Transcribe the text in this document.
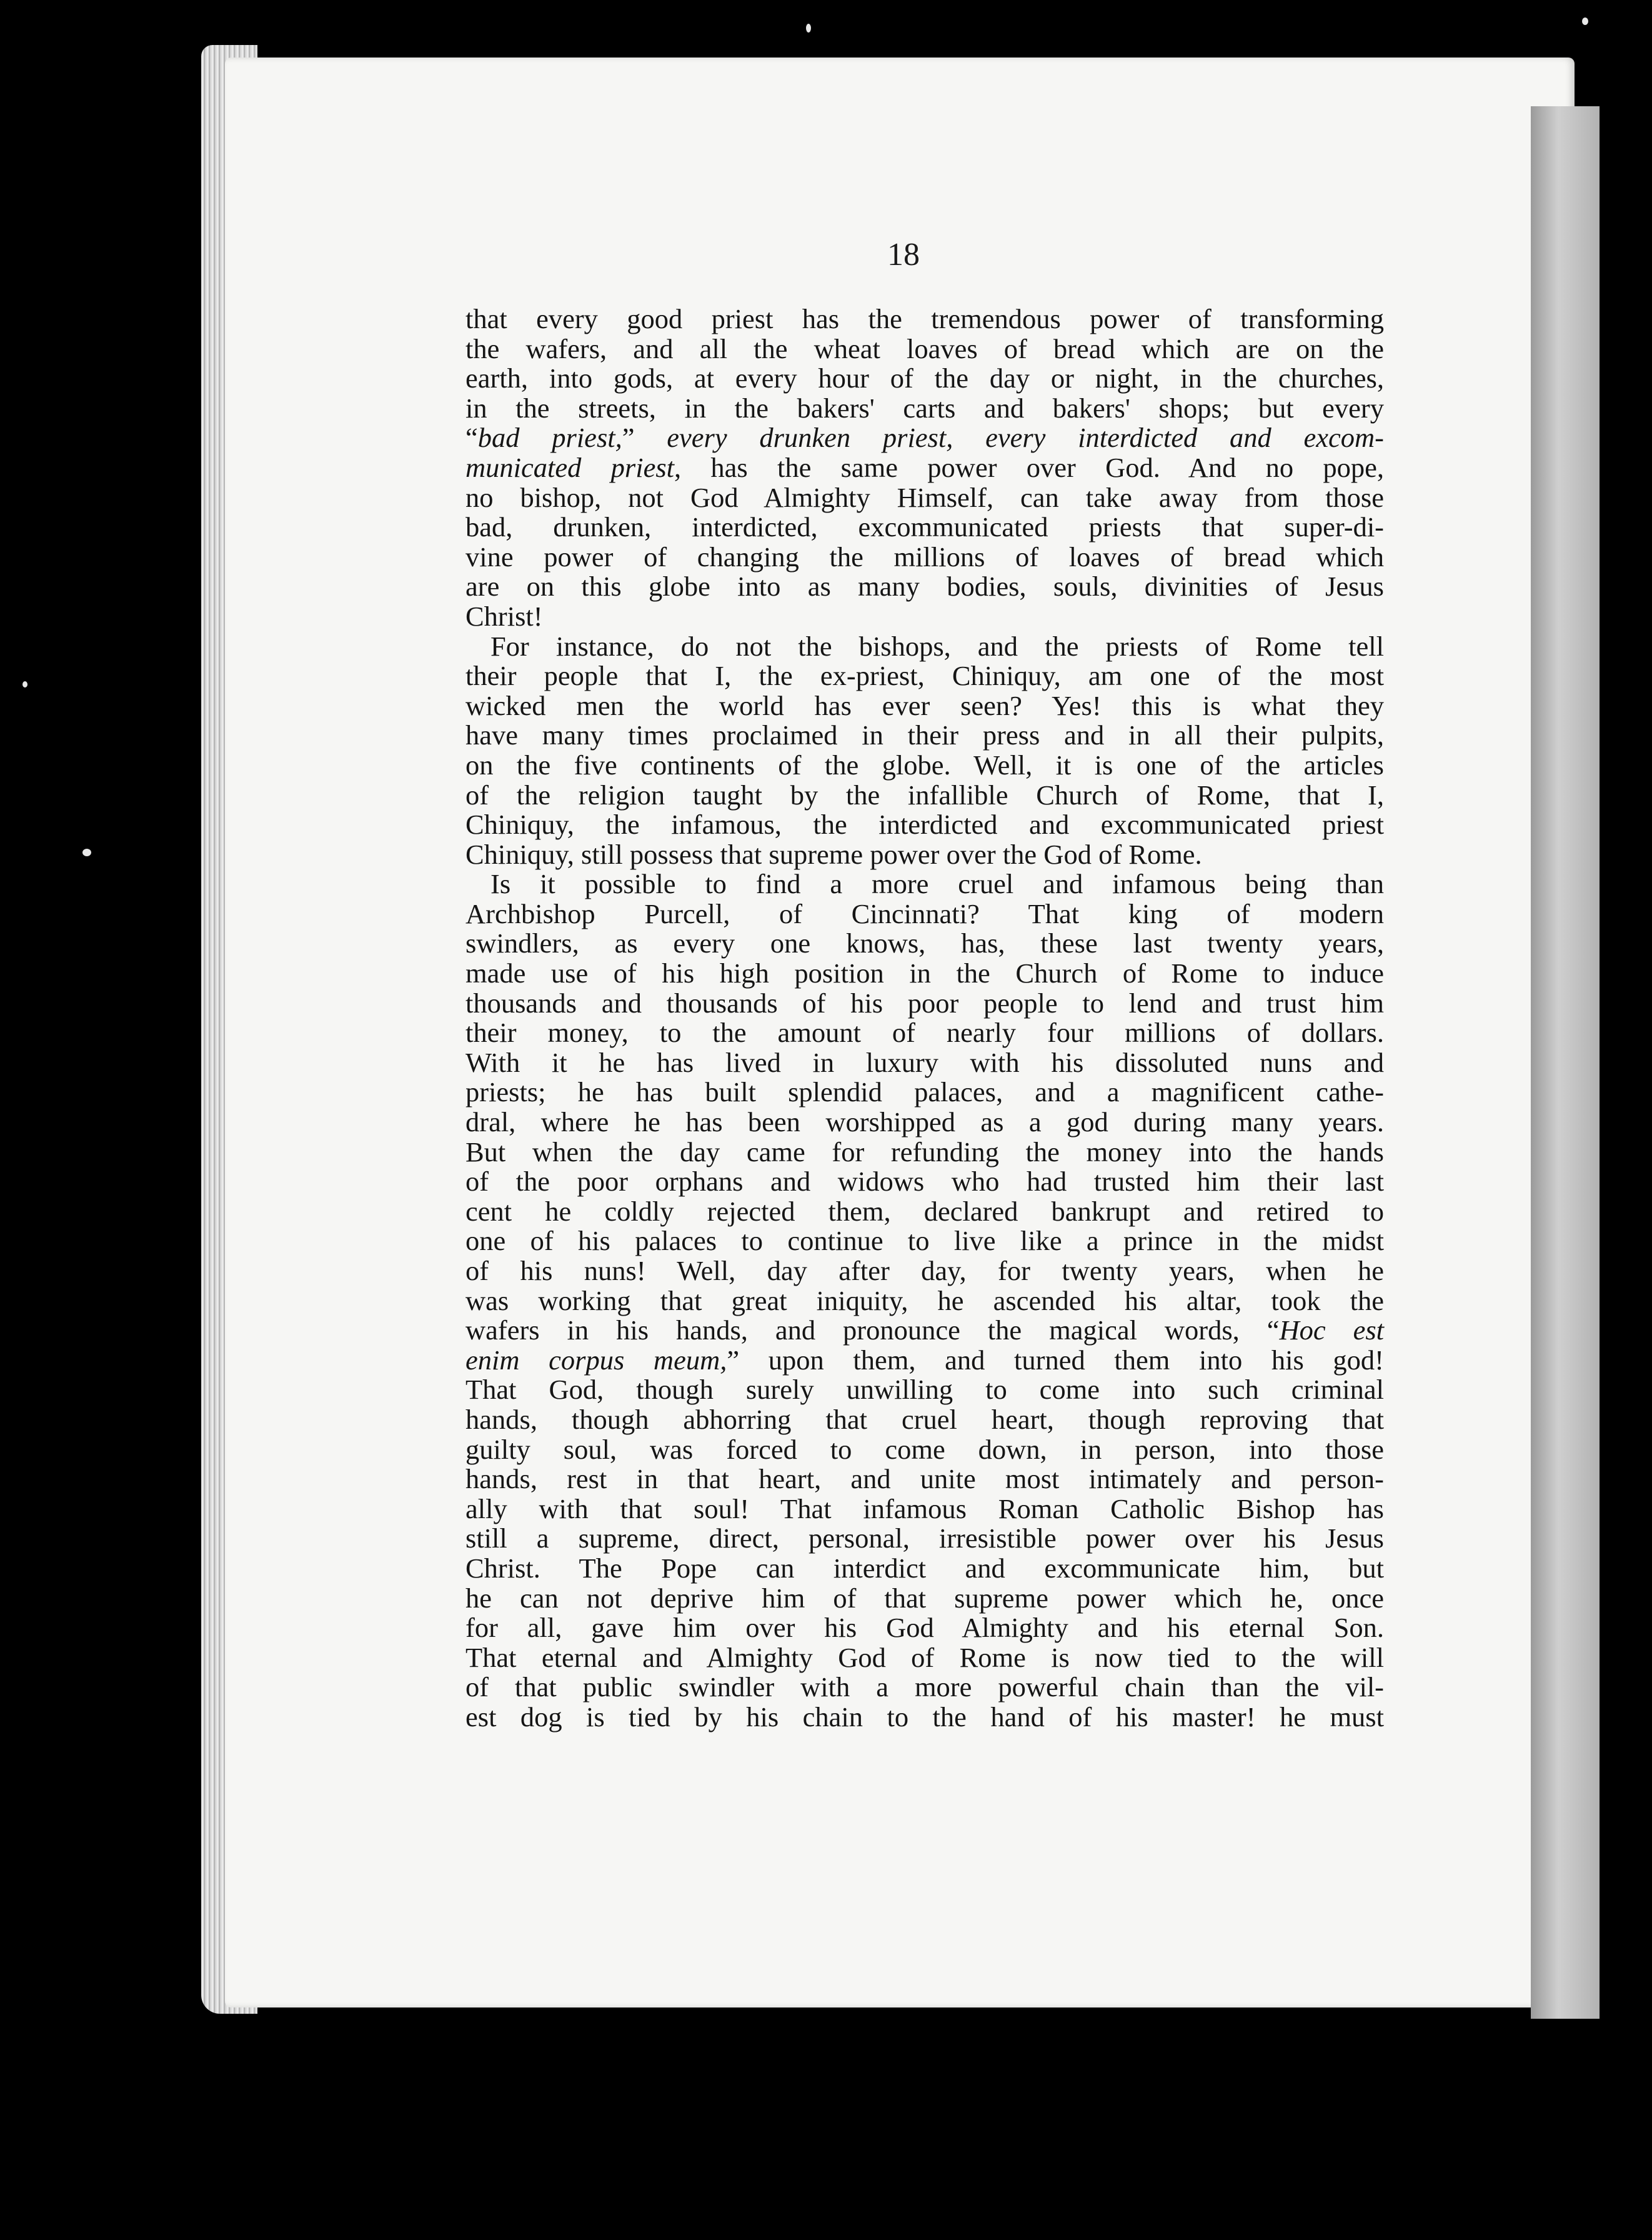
18
that every good priest has the tremendous power of transforming
the wafers, and all the wheat loaves of bread which are on the
earth, into gods, at every hour of the day or night, in the churches,
in the streets, in the bakers' carts and bakers' shops; but every
“bad priest,” every drunken priest, every interdicted and excom-
municated priest, has the same power over God. And no pope,
no bishop, not God Almighty Himself, can take away from those
bad, drunken, interdicted, excommunicated priests that super-di-
vine power of changing the millions of loaves of bread which
are on this globe into as many bodies, souls, divinities of Jesus
Christ!
For instance, do not the bishops, and the priests of Rome tell
their people that I, the ex-priest, Chiniquy, am one of the most
wicked men the world has ever seen? Yes! this is what they
have many times proclaimed in their press and in all their pulpits,
on the five continents of the globe. Well, it is one of the articles
of the religion taught by the infallible Church of Rome, that I,
Chiniquy, the infamous, the interdicted and excommunicated priest
Chiniquy, still possess that supreme power over the God of Rome.
Is it possible to find a more cruel and infamous being than
Archbishop Purcell, of Cincinnati? That king of modern
swindlers, as every one knows, has, these last twenty years,
made use of his high position in the Church of Rome to induce
thousands and thousands of his poor people to lend and trust him
their money, to the amount of nearly four millions of dollars.
With it he has lived in luxury with his dissoluted nuns and
priests; he has built splendid palaces, and a magnificent cathe-
dral, where he has been worshipped as a god during many years.
But when the day came for refunding the money into the hands
of the poor orphans and widows who had trusted him their last
cent he coldly rejected them, declared bankrupt and retired to
one of his palaces to continue to live like a prince in the midst
of his nuns! Well, day after day, for twenty years, when he
was working that great iniquity, he ascended his altar, took the
wafers in his hands, and pronounce the magical words, “Hoc est
enim corpus meum,” upon them, and turned them into his god!
That God, though surely unwilling to come into such criminal
hands, though abhorring that cruel heart, though reproving that
guilty soul, was forced to come down, in person, into those
hands, rest in that heart, and unite most intimately and person-
ally with that soul! That infamous Roman Catholic Bishop has
still a supreme, direct, personal, irresistible power over his Jesus
Christ. The Pope can interdict and excommunicate him, but
he can not deprive him of that supreme power which he, once
for all, gave him over his God Almighty and his eternal Son.
That eternal and Almighty God of Rome is now tied to the will
of that public swindler with a more powerful chain than the vil-
est dog is tied by his chain to the hand of his master! he must
